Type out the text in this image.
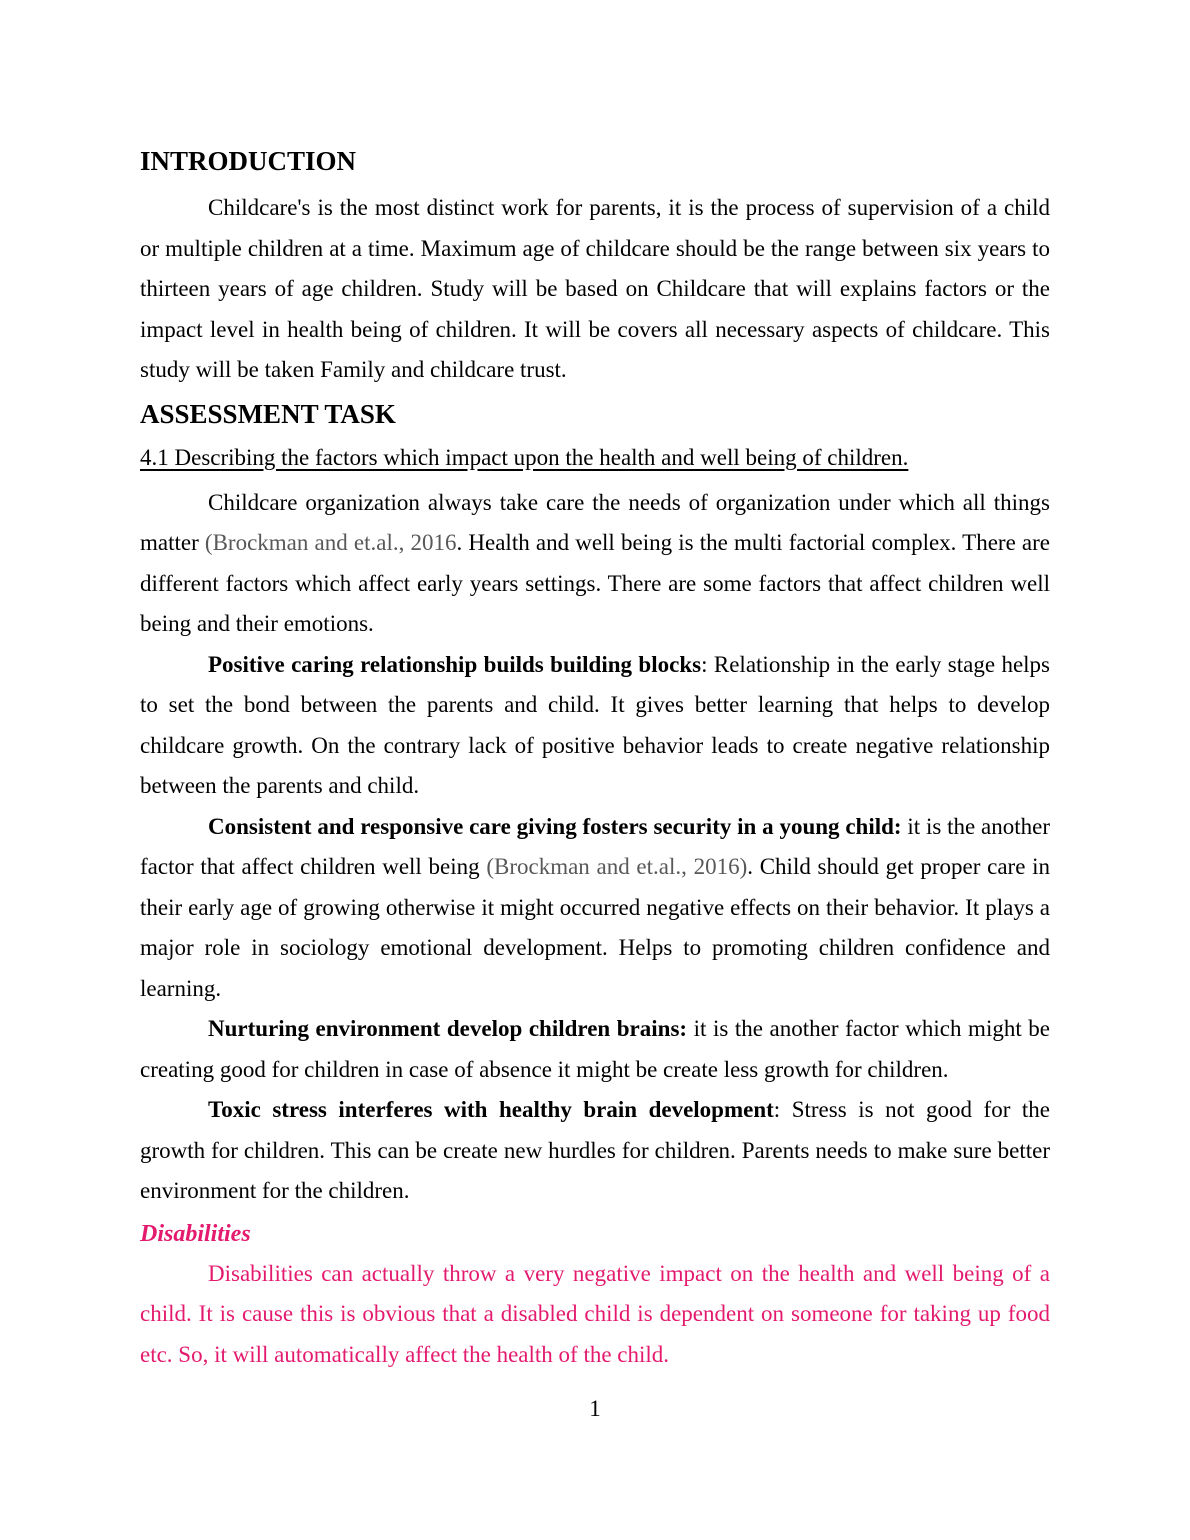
INTRODUCTION

Childcare's is the most distinct work for parents, it is the process of supervision of a child or multiple children at a time. Maximum age of childcare should be the range between six years to thirteen years of age children. Study will be based on Childcare that will explains factors or the impact level in health being of children. It will be covers all necessary aspects of childcare. This study will be taken Family and childcare trust.

ASSESSMENT TASK
4.1 Describing the factors which impact upon the health and well being of children.

Childcare organization always take care the needs of organization under which all things matter (Brockman and et.al., 2016. Health and well being is the multi factorial complex. There are different factors which affect early years settings. There are some factors that affect children well being and their emotions.

Positive caring relationship builds building blocks: Relationship in the early stage helps to set the bond between the parents and child. It gives better learning that helps to develop childcare growth. On the contrary lack of positive behavior leads to create negative relationship between the parents and child.

Consistent and responsive care giving fosters security in a young child: it is the another factor that affect children well being (Brockman and et.al., 2016). Child should get proper care in their early age of growing otherwise it might occurred negative effects on their behavior. It plays a major role in sociology emotional development. Helps to promoting children confidence and learning.

Nurturing environment develop children brains: it is the another factor which might be creating good for children in case of absence it might be create less growth for children.

Toxic stress interferes with healthy brain development: Stress is not good for the growth for children. This can be create new hurdles for children. Parents needs to make sure better environment for the children.

Disabilities

Disabilities can actually throw a very negative impact on the health and well being of a child. It is cause this is obvious that a disabled child is dependent on someone for taking up food etc. So, it will automatically affect the health of the child.

1
